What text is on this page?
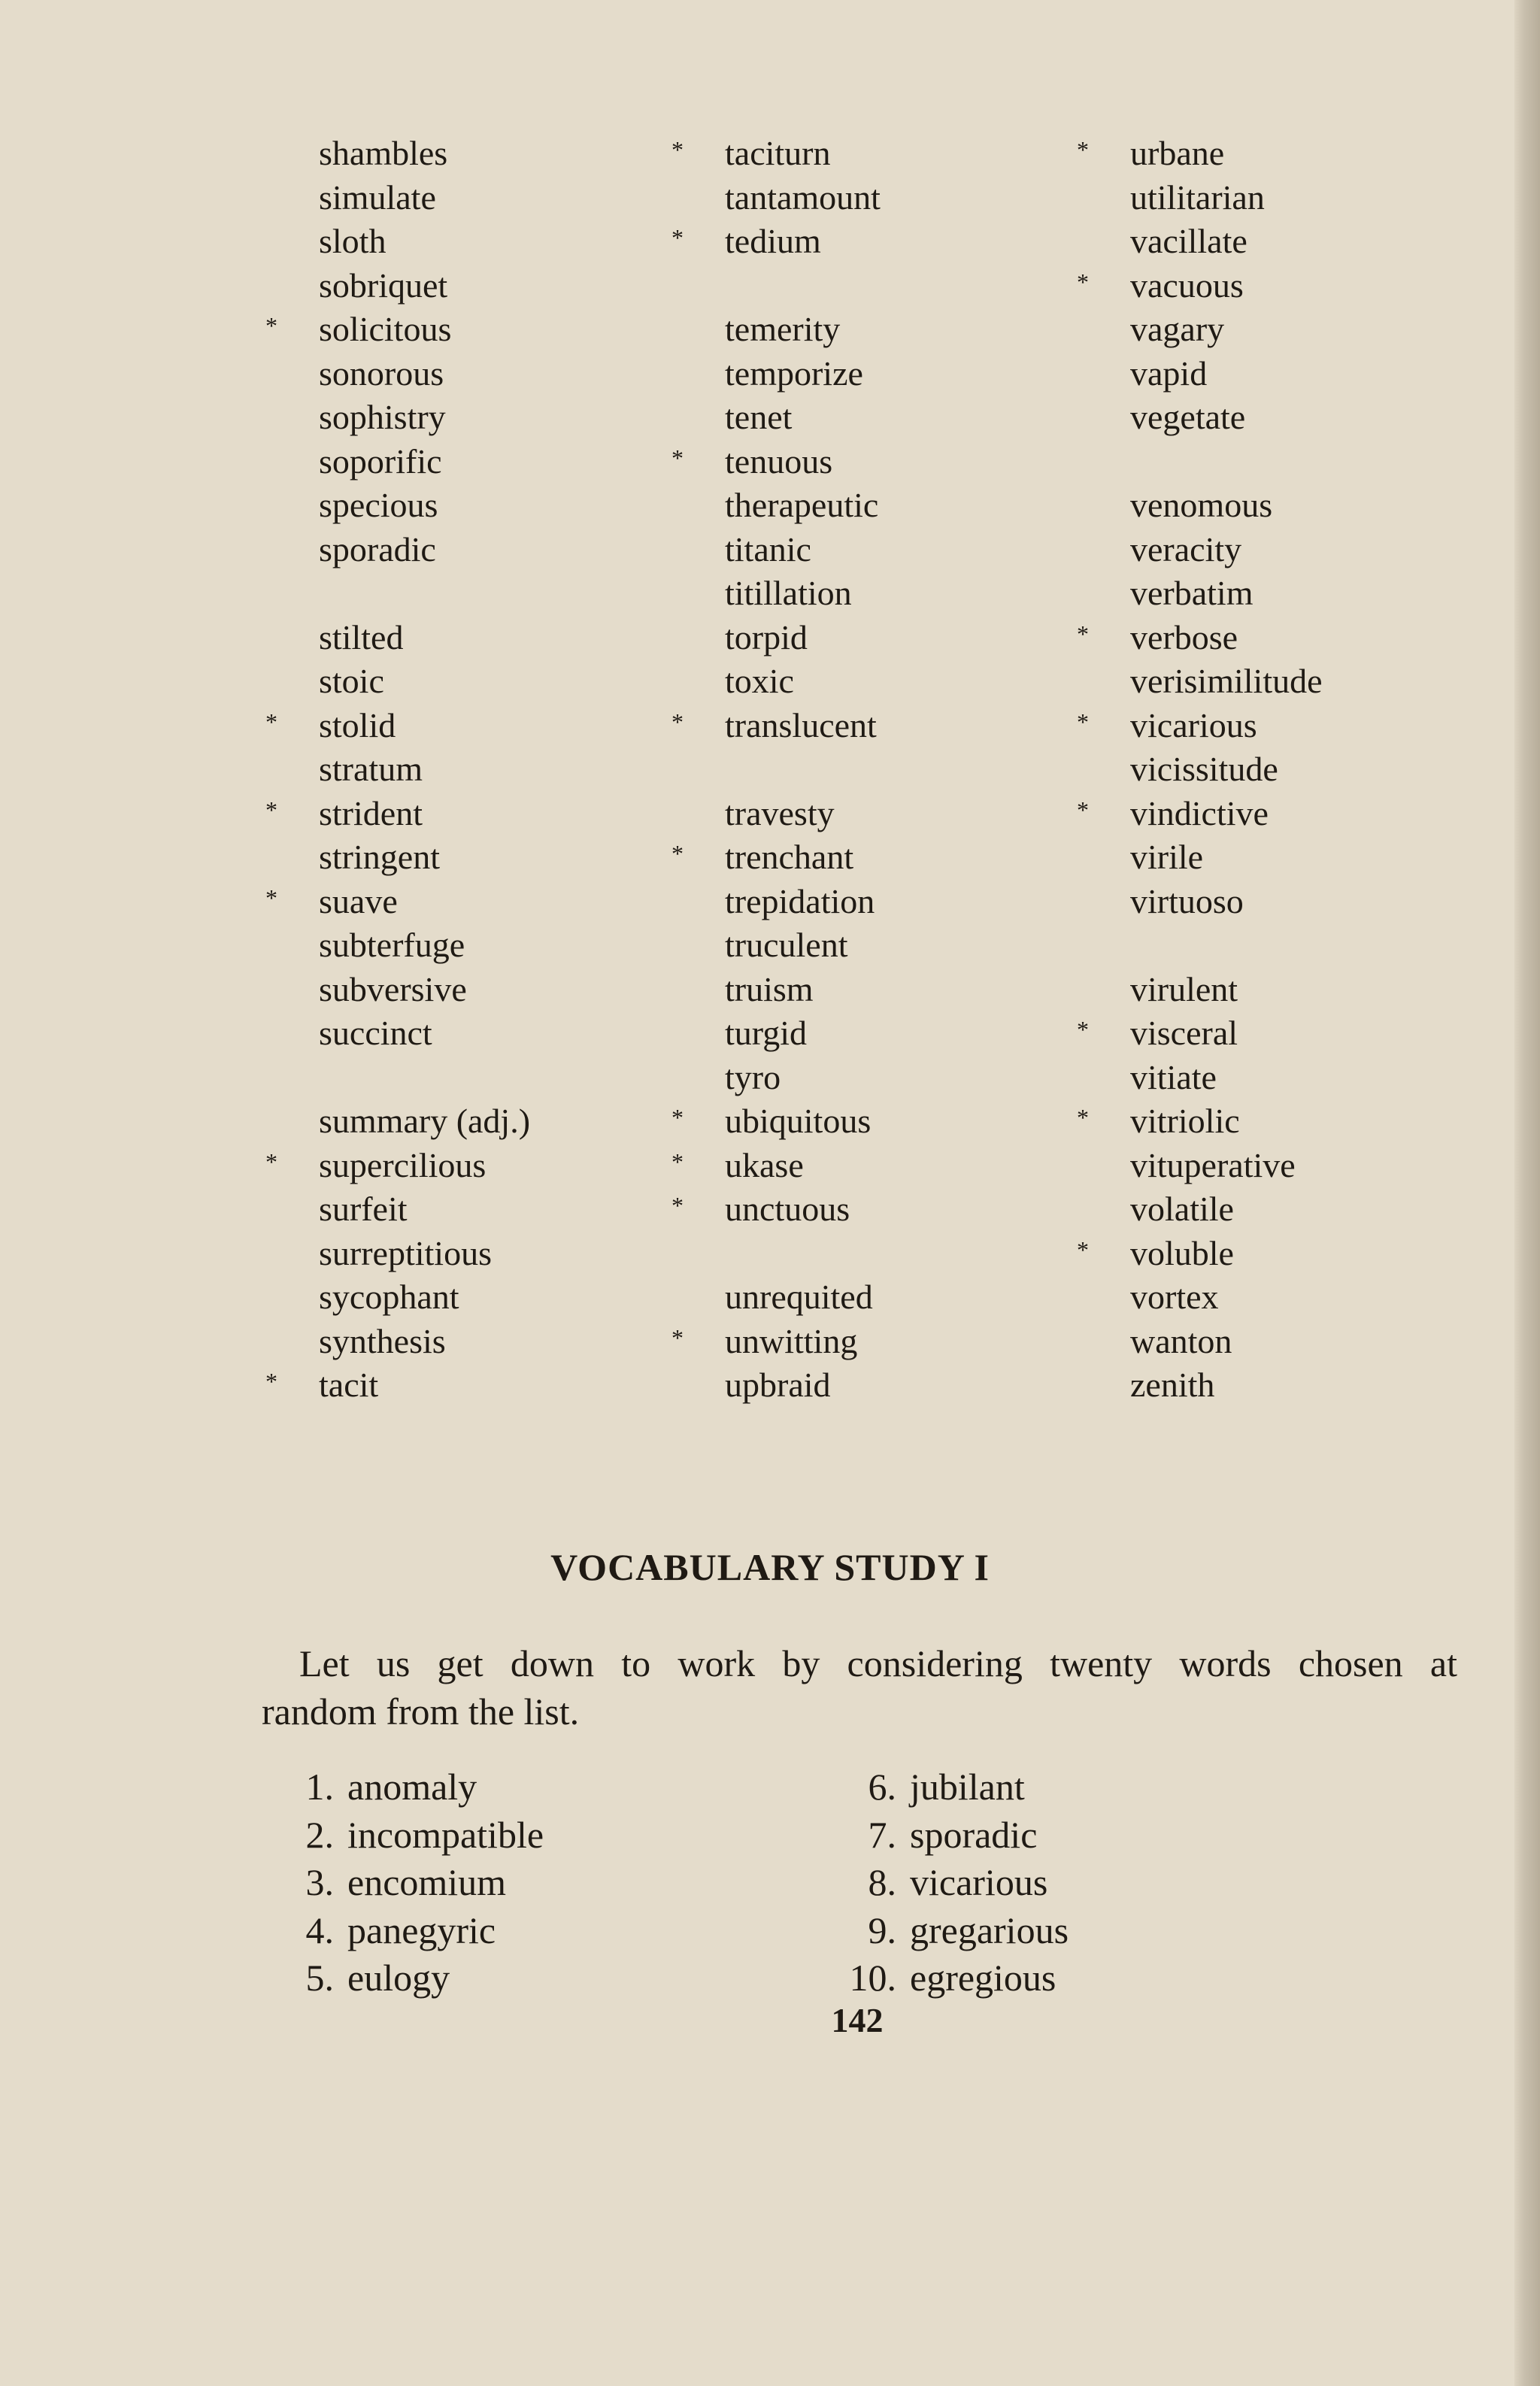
shambles
simulate
sloth
sobriquet
* solicitous
sonorous
sophistry
soporific
specious
sporadic
stilted
stoic
* stolid
stratum
* strident
stringent
* suave
subterfuge
subversive
succinct
summary (adj.)
* supercilious
surfeit
surreptitious
sycophant
synthesis
* tacit
* taciturn
tantamount
* tedium
temerity
temporize
tenet
* tenuous
therapeutic
titanic
titillation
torpid
toxic
* translucent
travesty
* trenchant
trepidation
truculent
truism
turgid
tyro
* ubiquitous
* ukase
* unctuous
unrequited
* unwitting
upbraid
* urbane
utilitarian
vacillate
* vacuous
vagary
vapid
vegetate
venomous
veracity
verbatim
* verbose
verisimilitude
* vicarious
vicissitude
* vindictive
virile
virtuoso
virulent
* visceral
vitiate
* vitriolic
vituperative
volatile
* voluble
vortex
wanton
zenith
VOCABULARY STUDY I
Let us get down to work by considering twenty words chosen at
random from the list.
1. anomaly
2. incompatible
3. encomium
4. panegyric
5. eulogy
6. jubilant
7. sporadic
8. vicarious
9. gregarious
10. egregious
142
